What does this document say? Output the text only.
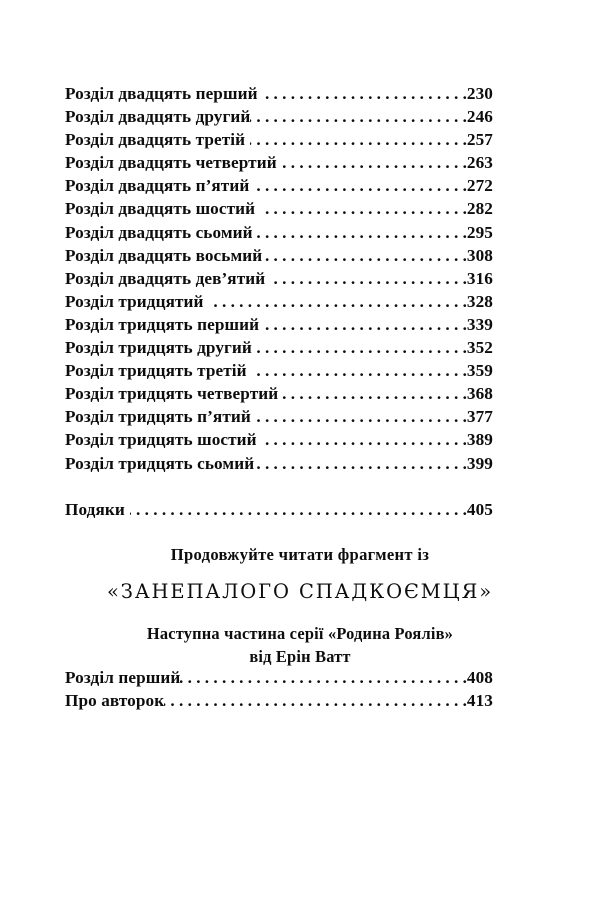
Розділ двадцять перший . . .	230
Розділ двадцять другий . . .	246
Розділ двадцять третій . . .	257
Розділ двадцять четвертий . . .	263
Розділ двадцять п’ятий . . .	272
Розділ двадцять шостий . . .	282
Розділ двадцять сьомий . . .	295
Розділ двадцять восьмий . . .	308
Розділ двадцять дев’ятий . . .	316
Розділ тридцятий . . .	328
Розділ тридцять перший . . .	339
Розділ тридцять другий . . .	352
Розділ тридцять третій . . .	359
Розділ тридцять четвертий . . .	368
Розділ тридцять п’ятий . . .	377
Розділ тридцять шостий . . .	389
Розділ тридцять сьомий . . .	399
Подяки . . .	405
Продовжуйте читати фрагмент із
«ЗАНЕПАЛОГО СПАДКОЄМЦЯ»
Наступна частина серії «Родина Роялів»
від Ерін Ватт
Розділ перший . . .	408
Про авторок . . .	413
